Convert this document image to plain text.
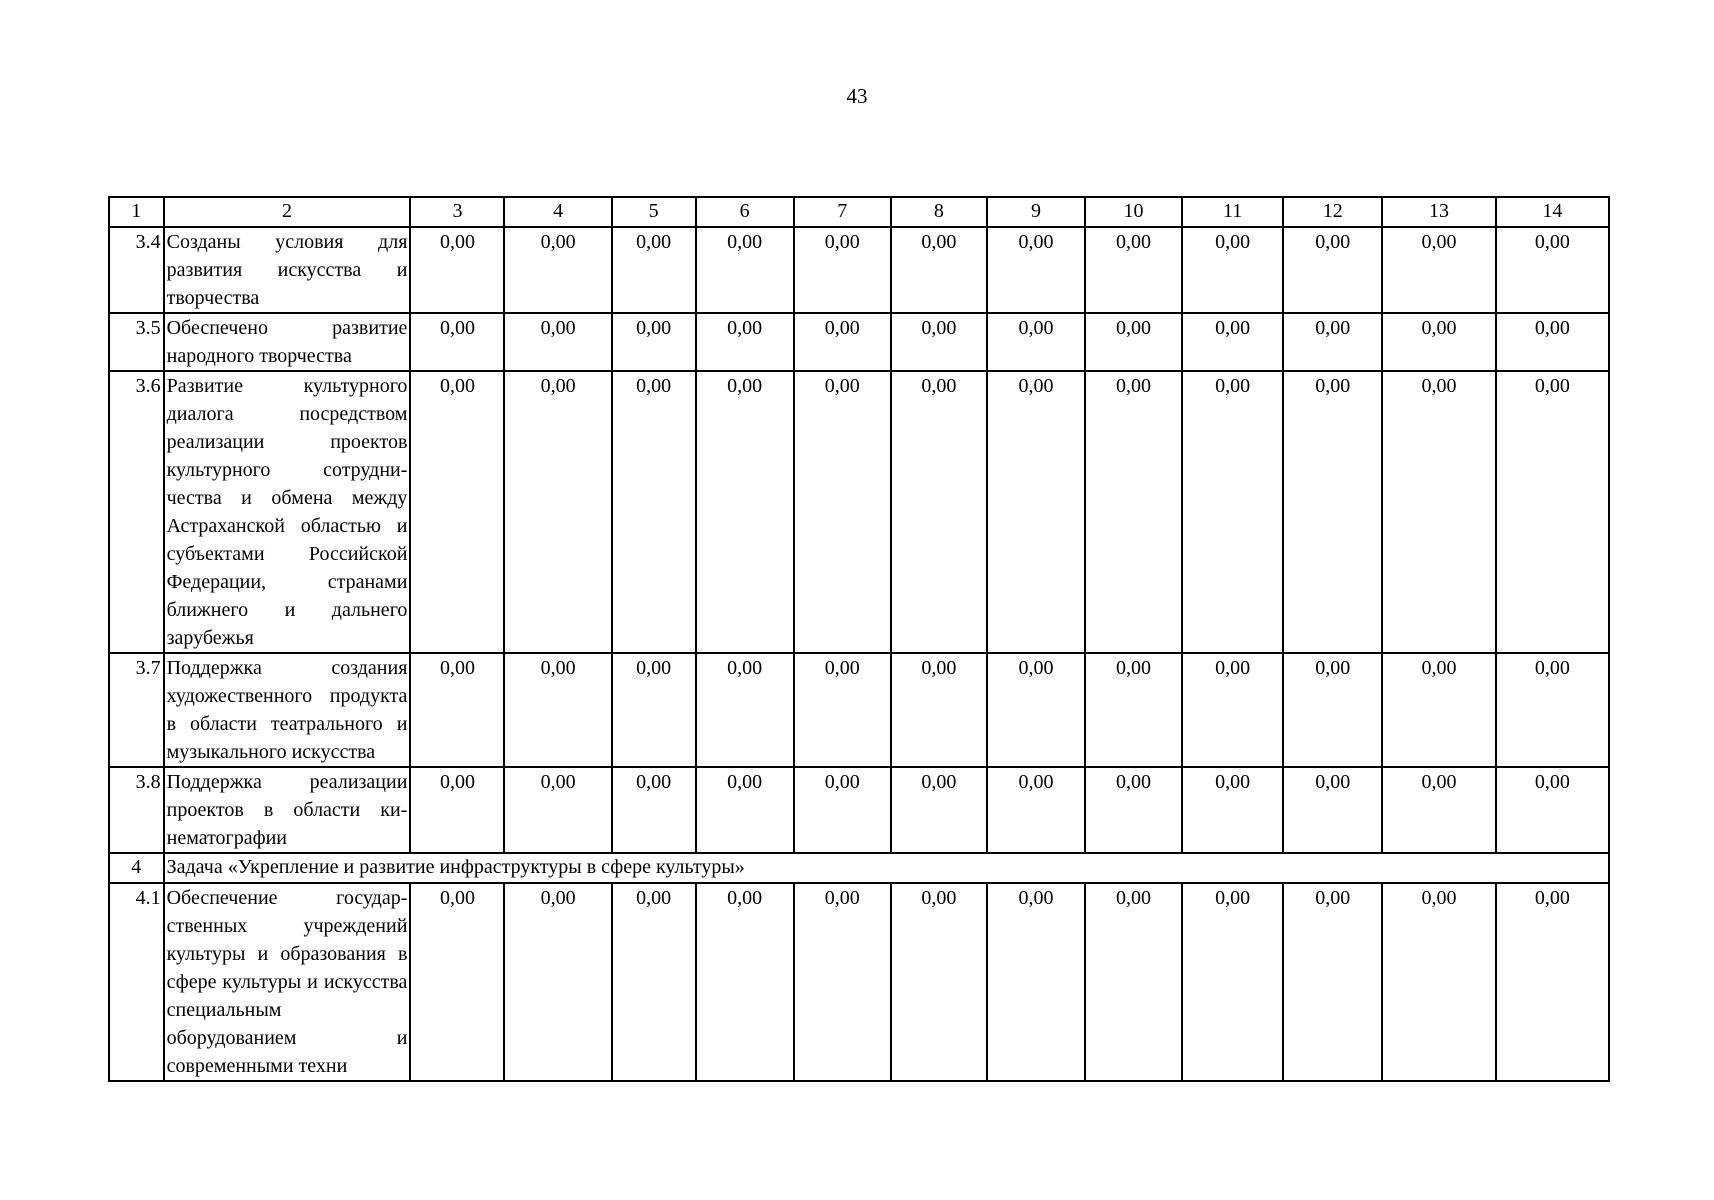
43
1	2	3	4	5	6	7	8	9	10	11	12	13	14
3.4	Созданы условия для развития искусства и творчества	0,00	0,00	0,00	0,00	0,00	0,00	0,00	0,00	0,00	0,00	0,00	0,00
3.5	Обеспечено развитие народного творчества	0,00	0,00	0,00	0,00	0,00	0,00	0,00	0,00	0,00	0,00	0,00	0,00
3.6	Развитие культурного диалога посредством реализации проектов культурного сотрудничества и обмена между Астраханской областью и субъектами Российской Федерации, странами ближнего и дальнего зарубежья	0,00	0,00	0,00	0,00	0,00	0,00	0,00	0,00	0,00	0,00	0,00	0,00
3.7	Поддержка создания художественного продукта в области театрального и музыкального искусства	0,00	0,00	0,00	0,00	0,00	0,00	0,00	0,00	0,00	0,00	0,00	0,00
3.8	Поддержка реализации проектов в области кинематографии	0,00	0,00	0,00	0,00	0,00	0,00	0,00	0,00	0,00	0,00	0,00	0,00
4	Задача «Укрепление и развитие инфраструктуры в сфере культуры»												
4.1	Обеспечение государственных учреждений культуры и образования в сфере культуры и искусства специальным оборудованием и современными техни	0,00	0,00	0,00	0,00	0,00	0,00	0,00	0,00	0,00	0,00	0,00	0,00
